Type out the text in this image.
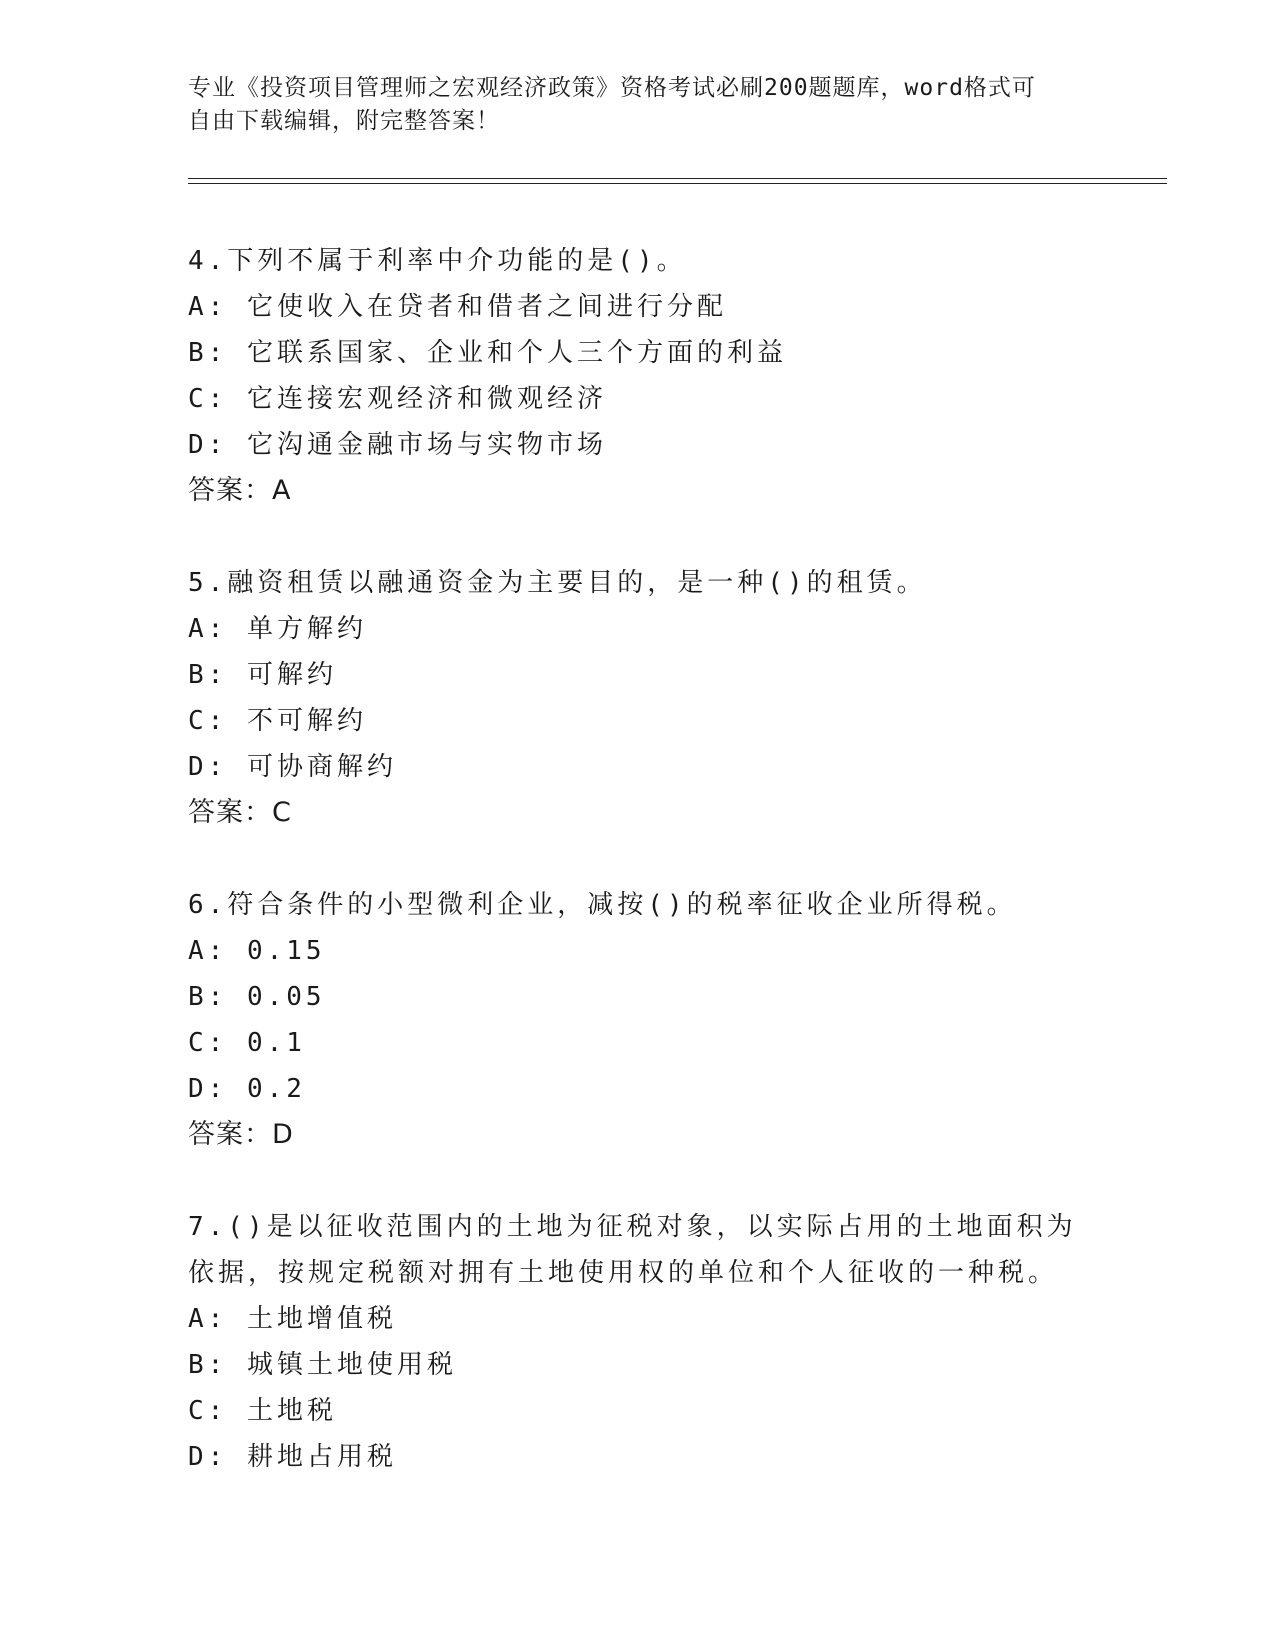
专业《投资项目管理师之宏观经济政策》资格考试必刷200题题库，word格式可
自由下载编辑，附完整答案！
4.下列不属于利率中介功能的是()。
A: 它使收入在贷者和借者之间进行分配
B: 它联系国家、企业和个人三个方面的利益
C: 它连接宏观经济和微观经济
D: 它沟通金融市场与实物市场
答案：A
5.融资租赁以融通资金为主要目的，是一种()的租赁。
A: 单方解约
B: 可解约
C: 不可解约
D: 可协商解约
答案：C
6.符合条件的小型微利企业，减按()的税率征收企业所得税。
A: 0.15
B: 0.05
C: 0.1
D: 0.2
答案：D
7.()是以征收范围内的土地为征税对象，以实际占用的土地面积为依据，按规定税额对拥有土地使用权的单位和个人征收的一种税。
A: 土地增值税
B: 城镇土地使用税
C: 土地税
D: 耕地占用税
